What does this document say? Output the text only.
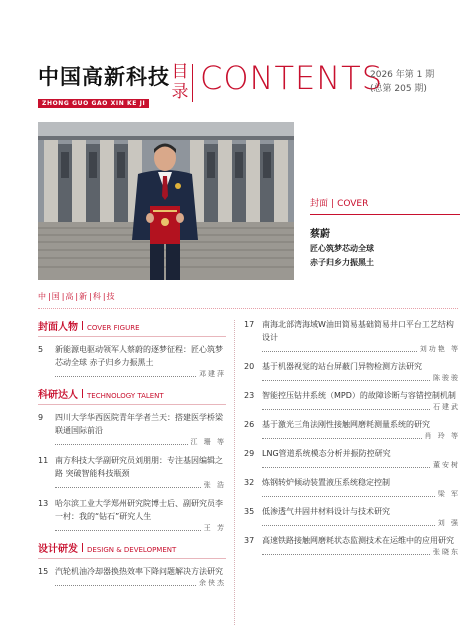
中国高新科技
ZHONG GUO GAO XIN KE JI
目
录 CONTENTS
2026 年第 1 期
(总第 205 期)
封面 | COVER
蔡蔚
匠心筑梦芯动全球
赤子归乡力振黑土
中|国|高|新|科|技
封面人物 COVER FIGURE
5	新能源电驱动领军人蔡蔚的逐梦征程：匠心筑梦芯动全球 赤子归乡力振黑土
邓建萍
科研达人 TECHNOLOGY TALENT
9	四川大学华西医院青年学者兰天：搭建医学桥梁 联通国际前沿
江 珊 等
11 南方科技大学副研究员刘朋朋：专注基因编辑之路 突破智能科技瓶颈
张 浩
13 哈尔滨工业大学郑州研究院博士后、副研究员李一村：我的“钻石”研究人生
王 芳
设计研发 DESIGN & DEVELOPMENT
15 汽轮机油冷却器换热效率下降问题解决方法研究
余侠杰
17 南海北部湾海域W油田简易基础简易井口平台工艺结构设计
刘功艳 等
20 基于机器视觉的站台屏蔽门异物检测方法研究
陈骏骏
23 智能控压钻井系统（MPD）的故障诊断与容错控制机制
石建武
26 基于激光三角法刚性接触网磨耗测量系统的研究
肖 玲 等
29 LNG管道系统模态分析并振防控研究
董安树
32 炼钢转炉倾动装置液压系统稳定控制
梁 军
35 低渗透气井固井材料设计与技术研究
刘 强
37 高速铁路接触网磨耗状态监测技术在运维中的应用研究
张晓东
